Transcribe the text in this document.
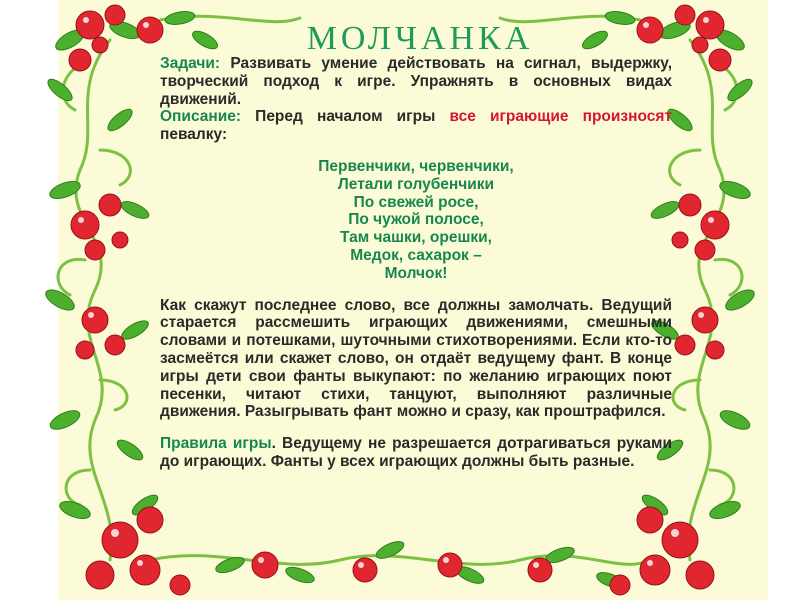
МОЛЧАНКА

Задачи: Развивать умение действовать на сигнал, выдержку, творческий подход к игре. Упражнять в основных видах движений.

Описание: Перед началом игры все играющие произносят певалку:

Первенчики, червенчики,
Летали голубенчики
По свежей росе,
По чужой полосе,
Там чашки, орешки,
Медок, сахарок –
Молчок!

Как скажут последнее слово, все должны замолчать. Ведущий старается рассмешить играющих движениями, смешными словами и потешками, шуточными стихотворениями. Если кто-то засмеётся или скажет слово, он отдаёт ведущему фант. В конце игры дети свои фанты выкупают: по желанию играющих поют песенки, читают стихи, танцуют, выполняют различные движения. Разыгрывать фант можно и сразу, как проштрафился.

Правила игры. Ведущему не разрешается дотрагиваться руками до играющих. Фанты у всех играющих должны быть разные.
